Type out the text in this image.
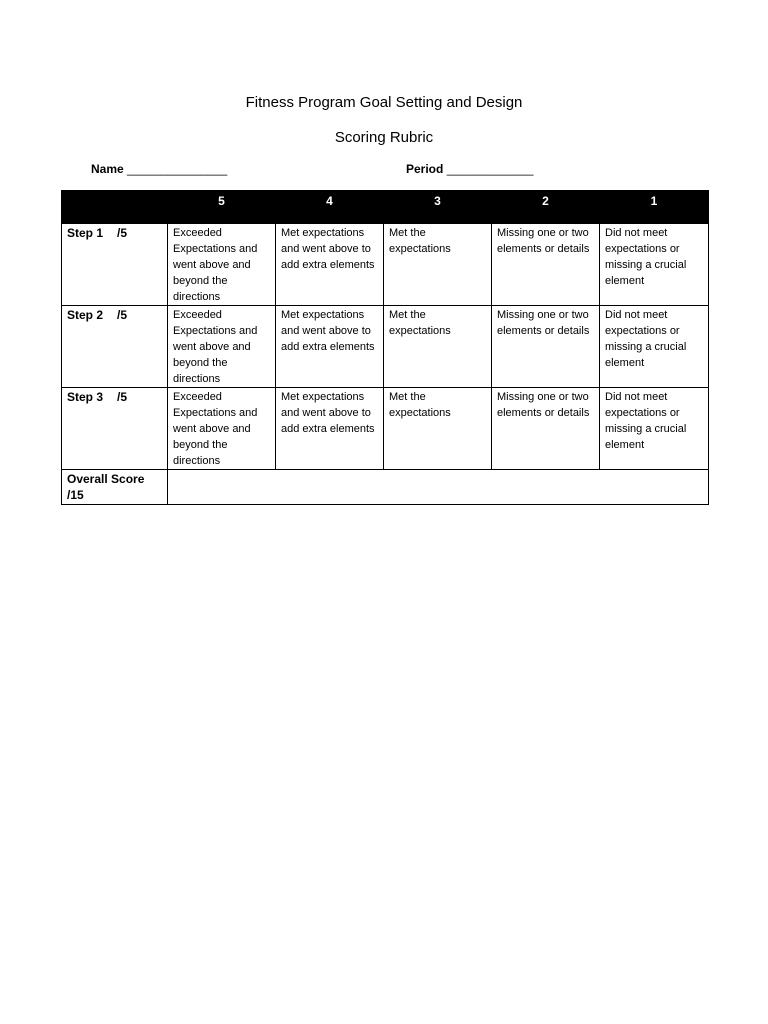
Fitness Program Goal Setting and Design
Scoring Rubric
Name _______________	Period _____________
	5	4	3	2	1
Step 1 /5	Exceeded Expectations and went above and beyond the directions	Met expectations and went above to add extra elements	Met the expectations	Missing one or two elements or details	Did not meet expectations or missing a crucial element
Step 2 /5	Exceeded Expectations and went above and beyond the directions	Met expectations and went above to add extra elements	Met the expectations	Missing one or two elements or details	Did not meet expectations or missing a crucial element
Step 3 /5	Exceeded Expectations and went above and beyond the directions	Met expectations and went above to add extra elements	Met the expectations	Missing one or two elements or details	Did not meet expectations or missing a crucial element
Overall Score /15					
